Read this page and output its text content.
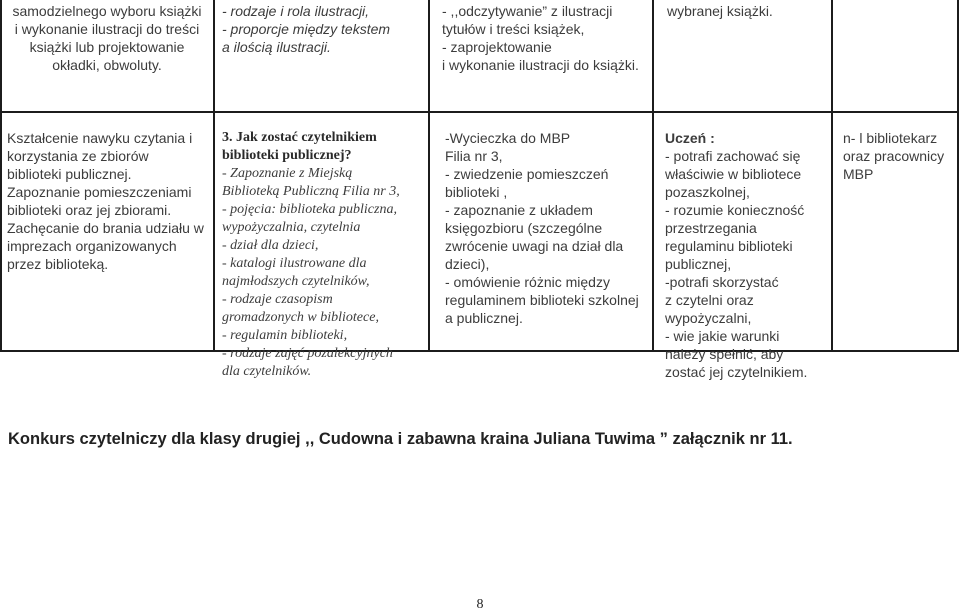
samodzielnego wyboru książki
i wykonanie ilustracji do treści
książki lub projektowanie
okładki, obwoluty.
- rodzaje i rola ilustracji,
- proporcje między tekstem
a ilością ilustracji.
- ,,odczytywanie” z ilustracji
tytułów i treści książek,
- zaprojektowanie
i wykonanie ilustracji do książki.
wybranej książki.
Kształcenie nawyku czytania i
korzystania ze zbiorów
biblioteki publicznej.
Zapoznanie pomieszczeniami
biblioteki oraz jej zbiorami.
Zachęcanie do brania udziału w
imprezach organizowanych
przez biblioteką.
3. Jak zostać czytelnikiem
biblioteki publicznej?
- Zapoznanie z Miejską
Biblioteką Publiczną Filia nr 3,
- pojęcia: biblioteka publiczna,
wypożyczalnia, czytelnia
- dział dla dzieci,
- katalogi ilustrowane dla
najmłodszych czytelników,
- rodzaje czasopism
gromadzonych w bibliotece,
- regulamin biblioteki,
- rodzaje zajęć pozalekcyjnych
dla czytelników.
-Wycieczka do MBP
Filia nr 3,
- zwiedzenie pomieszczeń
biblioteki ,
- zapoznanie z układem
księgozbioru (szczególne
zwrócenie uwagi na dział dla
dzieci),
- omówienie różnic między
regulaminem biblioteki szkolnej
a publicznej.
Uczeń :
- potrafi zachować się
właściwie w bibliotece
pozaszkolnej,
- rozumie konieczność
przestrzegania
regulaminu biblioteki
publicznej,
-potrafi skorzystać
z czytelni oraz
wypożyczalni,
- wie jakie warunki
należy spełnić, aby
zostać jej czytelnikiem.
n- l bibliotekarz
oraz pracownicy
MBP
Konkurs czytelniczy dla klasy drugiej ,, Cudowna i zabawna kraina Juliana Tuwima ” załącznik nr 11.
8
